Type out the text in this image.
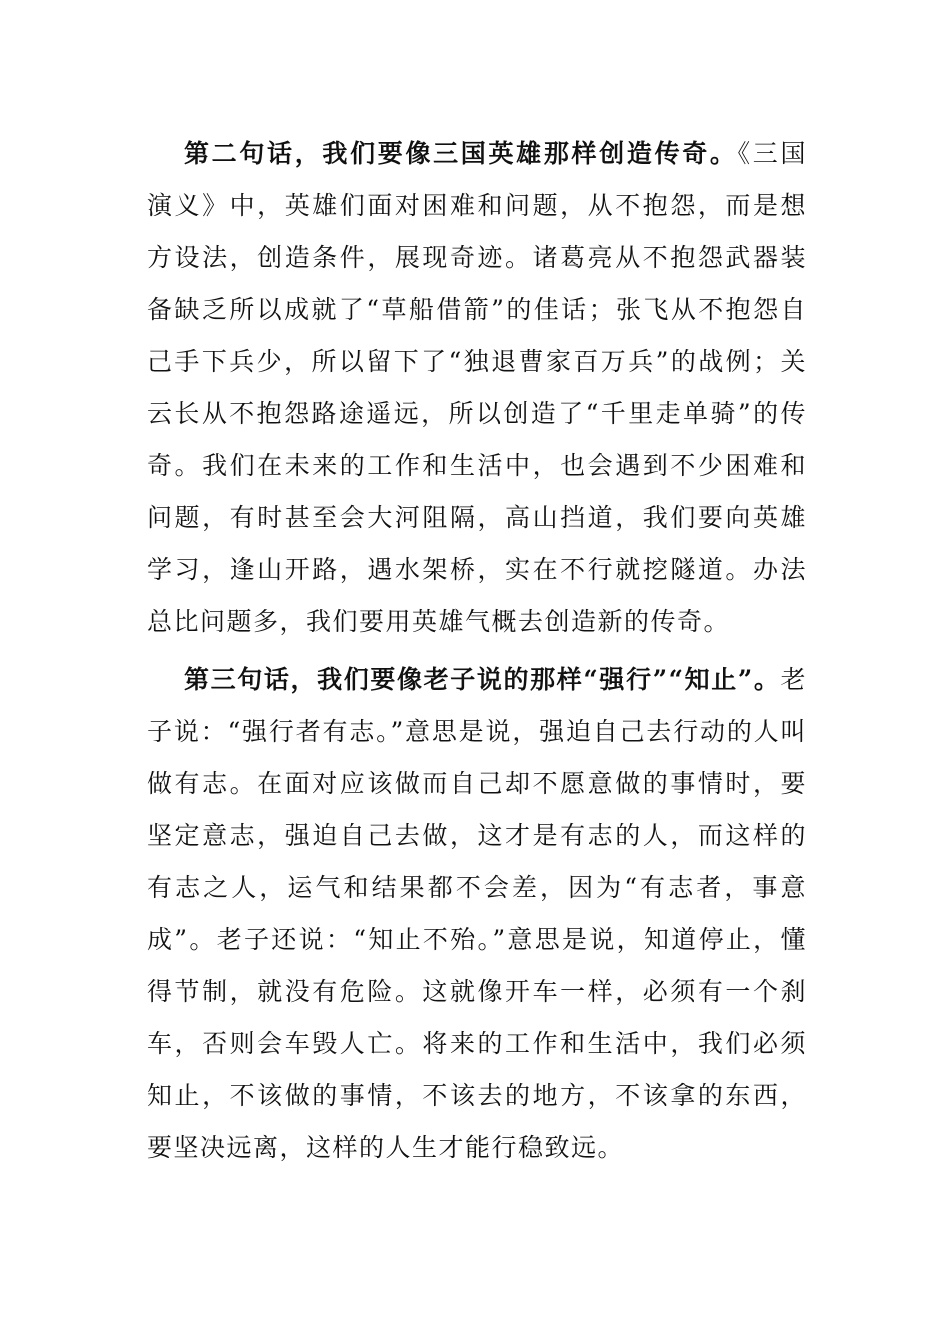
第二句话，我们要像三国英雄那样创造传奇。《三国演义》中，英雄们面对困难和问题，从不抱怨，而是想方设法，创造条件，展现奇迹。诸葛亮从不抱怨武器装备缺乏所以成就了“草船借箭”的佳话；张飞从不抱怨自己手下兵少，所以留下了“独退曹家百万兵”的战例；关云长从不抱怨路途遥远，所以创造了“千里走单骑”的传奇。我们在未来的工作和生活中，也会遇到不少困难和问题，有时甚至会大河阻隔，高山挡道，我们要向英雄学习，逢山开路，遇水架桥，实在不行就挖隧道。办法总比问题多，我们要用英雄气概去创造新的传奇。

第三句话，我们要像老子说的那样“强行”“知止”。老子说：“强行者有志。”意思是说，强迫自己去行动的人叫做有志。在面对应该做而自己却不愿意做的事情时，要坚定意志，强迫自己去做，这才是有志的人，而这样的有志之人，运气和结果都不会差，因为“有志者，事意成”。老子还说：“知止不殆。”意思是说，知道停止，懂得节制，就没有危险。这就像开车一样，必须有一个刹车，否则会车毁人亡。将来的工作和生活中，我们必须知止，不该做的事情，不该去的地方，不该拿的东西，要坚决远离，这样的人生才能行稳致远。
